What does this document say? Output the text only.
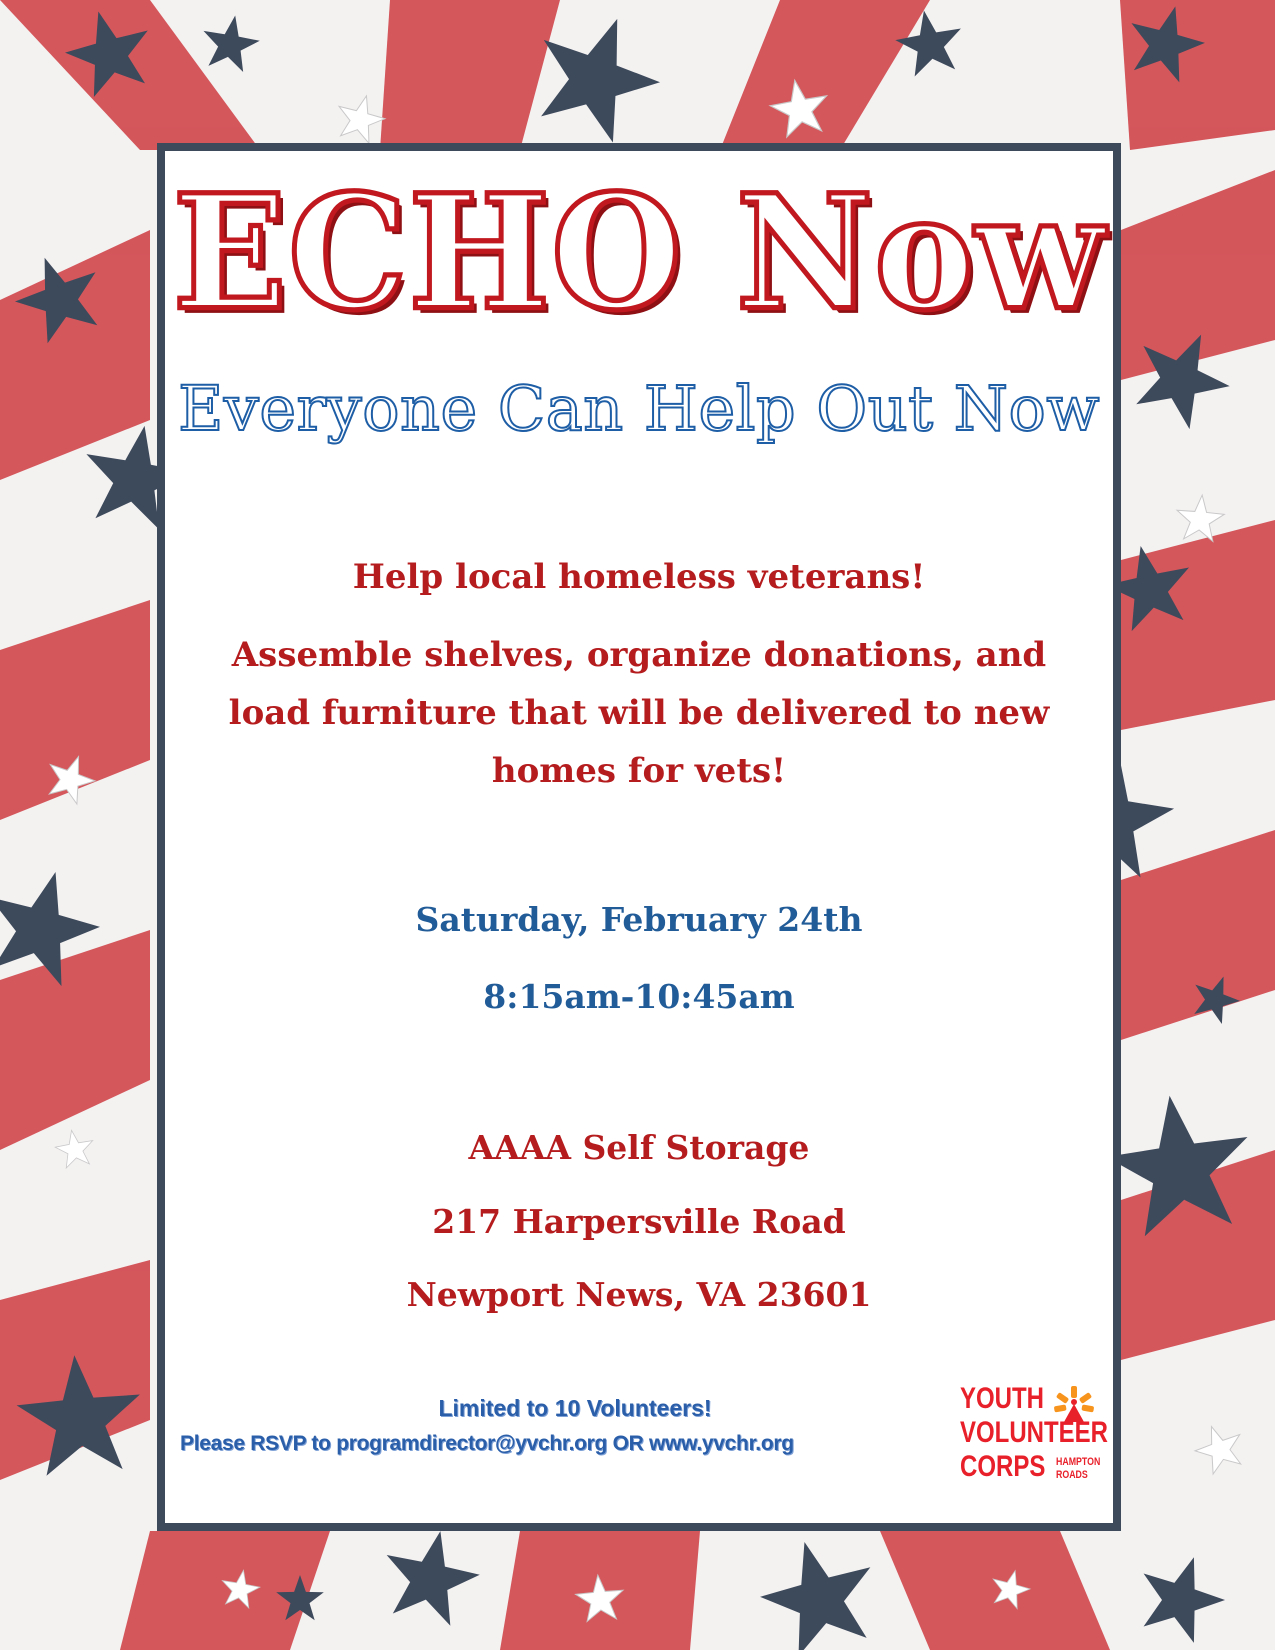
ECHO Now
Everyone Can Help Out Now
Help local homeless veterans!
Assemble shelves, organize donations, and load furniture that will be delivered to new homes for vets!
Saturday, February 24th
8:15am-10:45am
AAAA Self Storage
217 Harpersville Road
Newport News, VA 23601
Limited to 10 Volunteers!
Please RSVP to programdirector@yvchr.org OR www.yvchr.org
YOUTH
VOLUNTEER
CORPS HAMPTON
ROADS
